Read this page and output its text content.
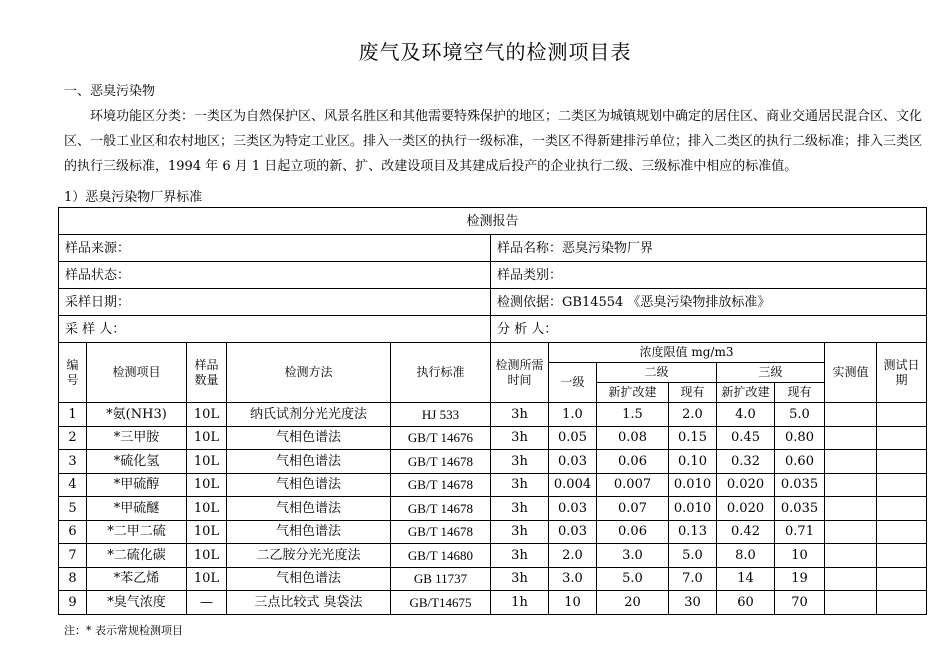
废气及环境空气的检测项目表
一、恶臭污染物
环境功能区分类：一类区为自然保护区、风景名胜区和其他需要特殊保护的地区；二类区为城镇规划中确定的居住区、商业交通居民混合区、文化区、一般工业区和农村地区；三类区为特定工业区。排入一类区的执行一级标准，一类区不得新建排污单位；排入二类区的执行二级标准；排入三类区的执行三级标准，1994 年 6 月 1 日起立项的新、扩、改建设项目及其建成后投产的企业执行二级、三级标准中相应的标准值。
1）恶臭污染物厂界标准
检测报告												
样品来源：					样品名称：恶臭污染物厂界							
样品状态：					样品类别：							
采样日期：					检测依据：GB14554 《恶臭污染物排放标准》							
采 样 人：					分 析 人：							
编号	检测项目	样品数量	检测方法	执行标准	检测所需时间	浓度限值 mg/m3					实测值	测试日期
						一级	二级		三级			
							新扩改建	现有	新扩改建	现有		
1	*氨(NH3)	10L	纳氏试剂分光光度法	HJ 533	3h	1.0	1.5	2.0	4.0	5.0		
2	*三甲胺	10L	气相色谱法	GB/T 14676	3h	0.05	0.08	0.15	0.45	0.80		
3	*硫化氢	10L	气相色谱法	GB/T 14678	3h	0.03	0.06	0.10	0.32	0.60		
4	*甲硫醇	10L	气相色谱法	GB/T 14678	3h	0.004	0.007	0.010	0.020	0.035		
5	*甲硫醚	10L	气相色谱法	GB/T 14678	3h	0.03	0.07	0.010	0.020	0.035		
6	*二甲二硫	10L	气相色谱法	GB/T 14678	3h	0.03	0.06	0.13	0.42	0.71		
7	*二硫化碳	10L	二乙胺分光光度法	GB/T 14680	3h	2.0	3.0	5.0	8.0	10		
8	*苯乙烯	10L	气相色谱法	GB 11737	3h	3.0	5.0	7.0	14	19		
9	*臭气浓度	—	三点比较式 臭袋法	GB/T14675	1h	10	20	30	60	70		
注：* 表示常规检测项目
